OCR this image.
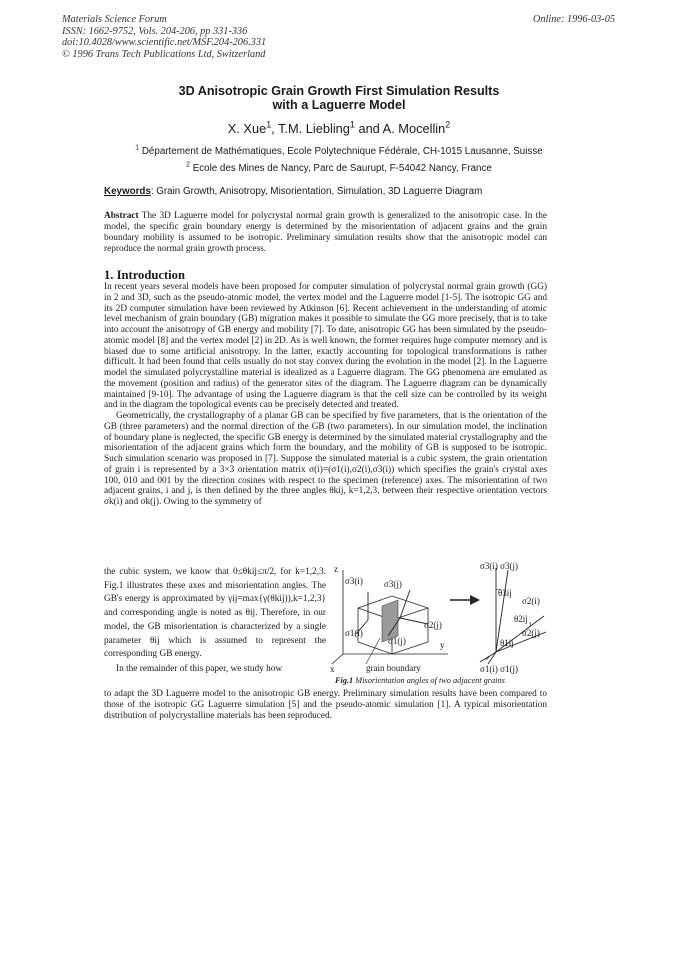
Materials Science Forum
ISSN: 1662-9752, Vols. 204-206, pp 331-336
doi:10.4028/www.scientific.net/MSF.204-206.331
© 1996 Trans Tech Publications Ltd, Switzerland
Online: 1996-03-05
3D Anisotropic Grain Growth First Simulation Results
with a Laguerre Model
X. Xue$^1$, T.M. Liebling$^1$ and A. Mocellin$^2$
$^1$ Département de Mathématiques, Ecole Polytechnique Fédérale, CH-1015 Lausanne, Suisse
$^2$ Ecole des Mines de Nancy, Parc de Saurupt, F-54042 Nancy, France
Keywords: Grain Growth, Anisotropy, Misorientation, Simulation, 3D Laguerre Diagram
Abstract The 3D Laguerre model for polycrystal normal grain growth is generalized to the anisotropic case. In the model, the specific grain boundary energy is determined by the misorientation of adjacent grains and the grain boundary mobility is assumed to be isotropic. Preliminary simulation results show that the anisotropic model can reproduce the normal grain growth process.
1. Introduction

In recent years several models have been proposed for computer simulation of polycrystal normal grain growth (GG) in 2 and 3D, such as the pseudo-atomic model, the vertex model and the Laguerre model [1-5]. The isotropic GG and its 2D computer simulation have been reviewed by Atkinson [6]. Recent achievement in the understanding of atomic level mechanism of grain boundary (GB) migration makes it possible to simulate the GG more precisely, that is to take into account the anisotropy of GB energy and mobility [7]. To date, anisotropic GG has been simulated by the pseudo-atomic model [8] and the vertex model [2] in 2D. As is well known, the former requires huge computer memory and is biased due to some artificial anisotropy. In the latter, exactly accounting for topological transformations is rather difficult. It had been found that cells usually do not stay convex during the evolution in the model [2]. In the Laguerre model the simulated polycrystalline material is idealized as a Laguerre diagram. The GG phenomena are emulated as the movement (position and radius) of the generator sites of the diagram. The Laguerre diagram can be dynamically maintained [9-10]. The advantage of using the Laguerre diagram is that the cell size can be controlled by its weight and in the diagram the topological events can be precisely detected and treated.

Geometrically, the crystallography of a planar GB can be specified by five parameters, that is the orientation of the GB (three parameters) and the normal direction of the GB (two parameters). In our simulation model, the inclination of boundary plane is neglected, the specific GB energy is determined by the simulated material crystallography and the misorientation of the adjacent grains which form the boundary, and the mobility of GB is supposed to be isotropic. Such simulation scenario was proposed in [7]. Suppose the simulated material is a cubic system, the grain orientation of grain i is represented by a 3×3 orientation matrix σ(i)=(σ1(i),σ2(i),σ3(i)) which specifies the grain's crystal axes 100, 010 and 001 by the direction cosines with respect to the specimen (reference) axes. The misorientation of two adjacent grains, i and j, is then defined by the three angles θkij, k=1,2,3, between their respective orientation vectors σk(i) and σk(j). Owing to the symmetry of

the cubic system, we know that 0≤θkij≤π/2, for k=1,2,3. Fig.1 illustrates these axes and misorientation angles. The GB's energy is approximated by γij=max{γ(θkij)),k=1,2,3} and corresponding angle is noted as θij. Therefore, in our model, the GB misorientation is characterized by a single parameter θij which is assumed to represent the corresponding GB energy.
In the remainder of this paper, we study how
to adapt the 3D Laguerre model to the anisotropic GB energy. Preliminary simulation results have been compared to those of the isotropic GG Laguerre simulation [5] and the pseudo-atomic simulation [1]. A typical misorientation distribution of polycrystalline materials has been reproduced.
z
x
y
σ3(i) σ3(j)
σ2(j)
σ1(i)
σ1(j)
grain boundary
σ3(i) σ3(j)
θ3ij
σ2(i)
θ2ij
σ2(j)
θ1ij
σ1(i) σ1(j)
Fig.1 Misorientation angles of two adjacent grains
